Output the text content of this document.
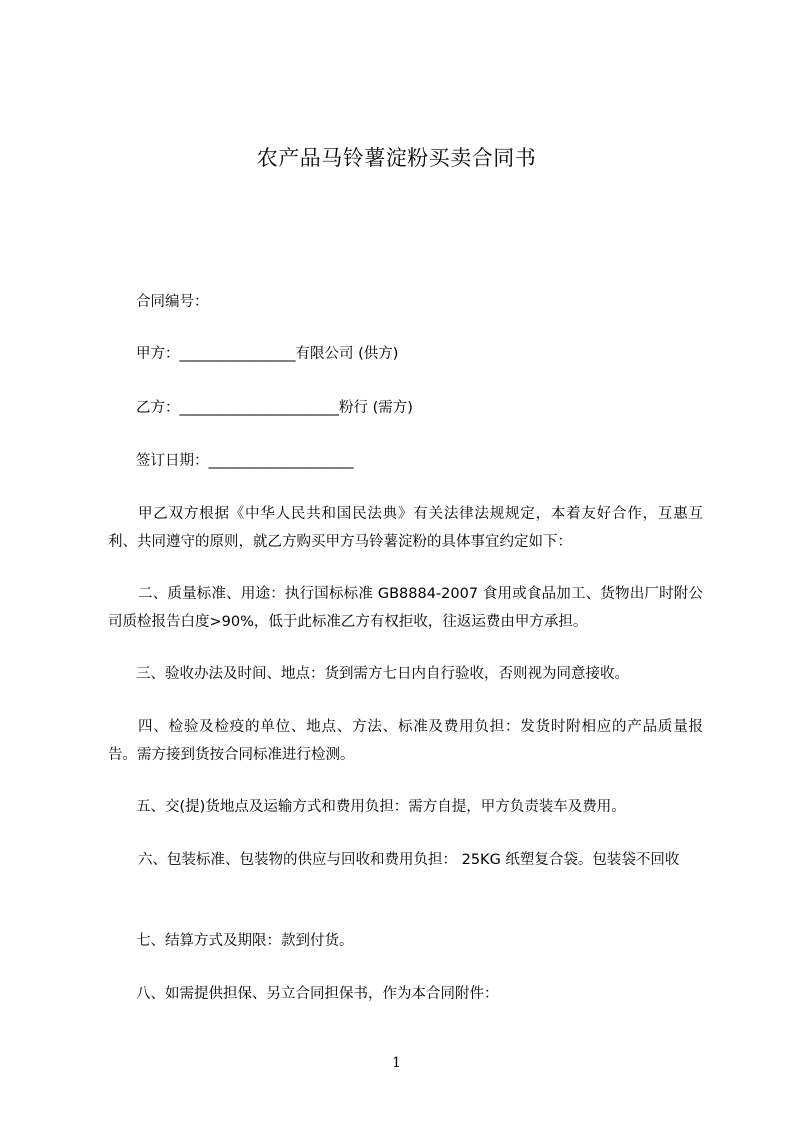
农产品马铃薯淀粉买卖合同书
合同编号：
甲方：________________有限公司 (供方)
乙方：______________________粉行 (需方)
签订日期：____________________
甲乙双方根据《中华人民共和国民法典》有关法律法规规定，本着友好合作，互惠互利、共同遵守的原则，就乙方购买甲方马铃薯淀粉的具体事宜约定如下：
二、质量标准、用途：执行国标标准 GB8884-2007 食用或食品加工、货物出厂时附公司质检报告白度>90%，低于此标准乙方有权拒收，往返运费由甲方承担。
三、验收办法及时间、地点：货到需方七日内自行验收，否则视为同意接收。
四、检验及检疫的单位、地点、方法、标准及费用负担：发货时附相应的产品质量报告。需方接到货按合同标准进行检测。
五、交(提)货地点及运输方式和费用负担：需方自提，甲方负责装车及费用。
六、包装标准、包装物的供应与回收和费用负担： 25KG 纸塑复合袋。包装袋不回收
七、结算方式及期限：款到付货。
八、如需提供担保、另立合同担保书，作为本合同附件：
1
